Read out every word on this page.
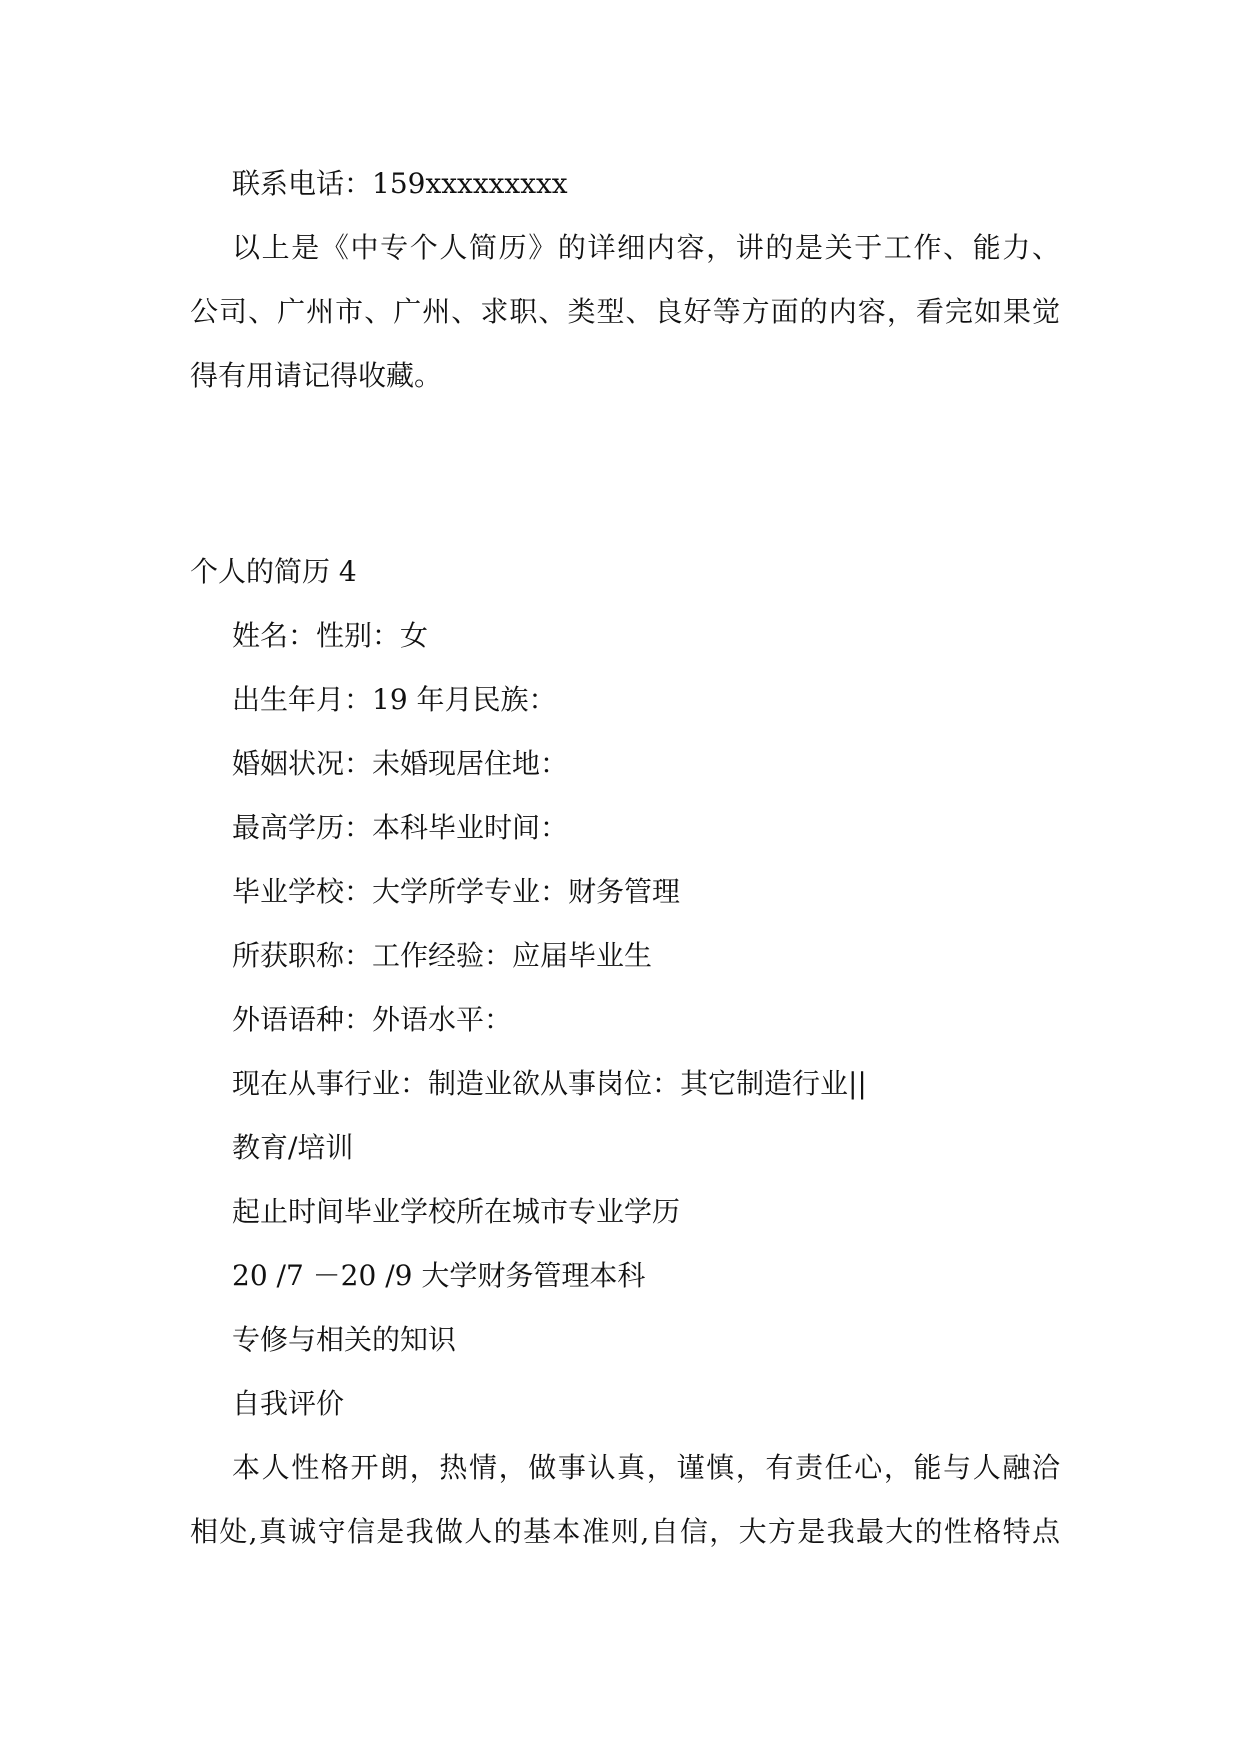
联系电话：159xxxxxxxxx
以上是《中专个人简历》的详细内容，讲的是关于工作、能力、
公司、广州市、广州、求职、类型、良好等方面的内容，看完如果觉
得有用请记得收藏。
个人的简历 4
姓名：性别：女
出生年月：19 年月民族：
婚姻状况：未婚现居住地：
最高学历：本科毕业时间：
毕业学校：大学所学专业：财务管理
所获职称：工作经验：应届毕业生
外语语种：外语水平：
现在从事行业：制造业欲从事岗位：其它制造行业||
教育/培训
起止时间毕业学校所在城市专业学历
20 /7 －20 /9 大学财务管理本科
专修与相关的知识
自我评价
本人性格开朗，热情，做事认真，谨慎，有责任心，能与人融洽
相处,真诚守信是我做人的基本准则,自信，大方是我最大的性格特点
